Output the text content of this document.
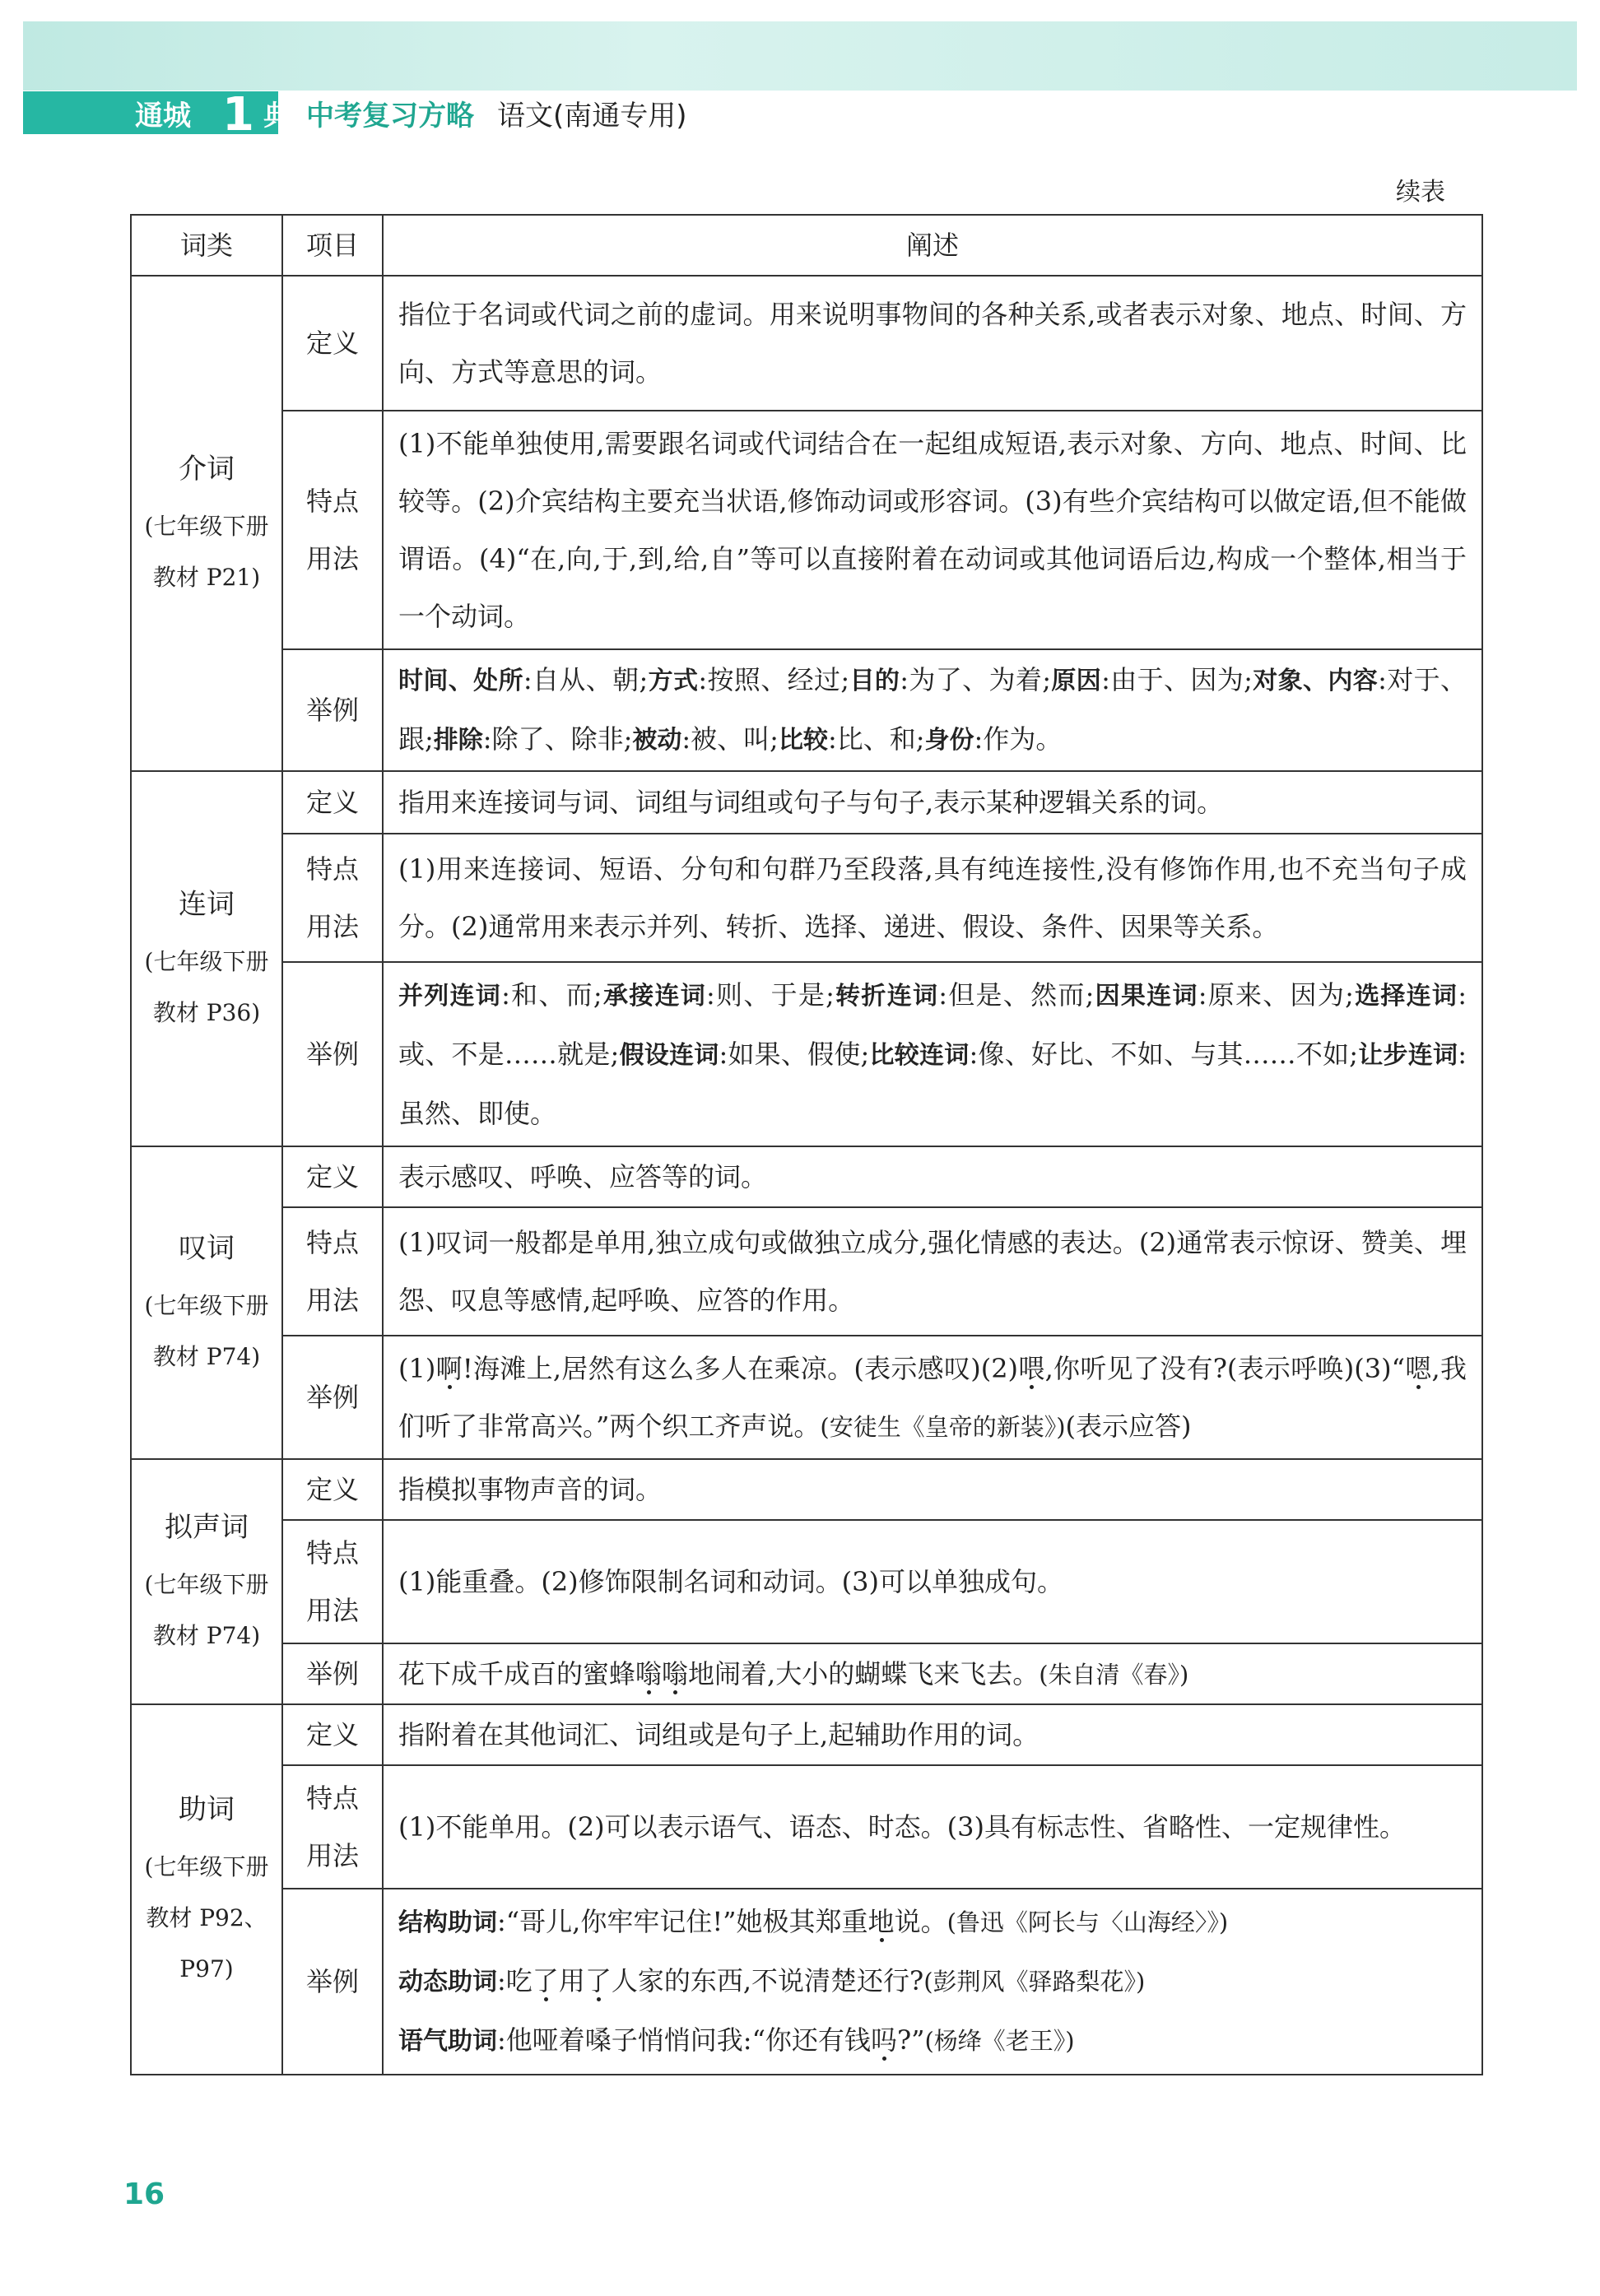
通城 1 典 中考复习方略 语文(南通专用)
续表
词类	项目	阐述

介词
(七年级下册
教材 P21)	定义	指位于名词或代词之前的虚词。用来说明事物间的各种关系,或者表示对象、地点、时间、方向、方式等意思的词。
	特点
用法	(1)不能单独使用,需要跟名词或代词结合在一起组成短语,表示对象、方向、地点、时间、比较等。(2)介宾结构主要充当状语,修饰动词或形容词。(3)有些介宾结构可以做定语,但不能做谓语。(4)“在,向,于,到,给,自”等可以直接附着在动词或其他词语后边,构成一个整体,相当于一个动词。
	举例	时间、处所:自从、朝;方式:按照、经过;目的:为了、为着;原因:由于、因为;对象、内容:对于、跟;排除:除了、除非;被动:被、叫;比较:比、和;身份:作为。

连词
(七年级下册
教材 P36)	定义	指用来连接词与词、词组与词组或句子与句子,表示某种逻辑关系的词。
	特点
用法	(1)用来连接词、短语、分句和句群乃至段落,具有纯连接性,没有修饰作用,也不充当句子成分。(2)通常用来表示并列、转折、选择、递进、假设、条件、因果等关系。
	举例	并列连词:和、而;承接连词:则、于是;转折连词:但是、然而;因果连词:原来、因为;选择连词:或、不是……就是;假设连词:如果、假使;比较连词:像、好比、不如、与其……不如;让步连词:虽然、即使。

叹词
(七年级下册
教材 P74)	定义	表示感叹、呼唤、应答等的词。
	特点
用法	(1)叹词一般都是单用,独立成句或做独立成分,强化情感的表达。(2)通常表示惊讶、赞美、埋怨、叹息等感情,起呼唤、应答的作用。
	举例	(1)啊!海滩上,居然有这么多人在乘凉。(表示感叹)(2)喂,你听见了没有?(表示呼唤)(3)“嗯,我们听了非常高兴。”两个织工齐声说。(安徒生《皇帝的新装》)(表示应答)

拟声词
(七年级下册
教材 P74)	定义	指模拟事物声音的词。
	特点
用法	(1)能重叠。(2)修饰限制名词和动词。(3)可以单独成句。
	举例	花下成千成百的蜜蜂嗡嗡地闹着,大小的蝴蝶飞来飞去。(朱自清《春》)

助词
(七年级下册
教材 P92、
P97)	定义	指附着在其他词汇、词组或是句子上,起辅助作用的词。
	特点
用法	(1)不能单用。(2)可以表示语气、语态、时态。(3)具有标志性、省略性、一定规律性。
	举例	结构助词:“哥儿,你牢牢记住!”她极其郑重地说。(鲁迅《阿长与〈山海经〉》)
动态助词:吃了用了人家的东西,不说清楚还行?(彭荆风《驿路梨花》)
语气助词:他哑着嗓子悄悄问我:“你还有钱吗?”(杨绛《老王》)
16
